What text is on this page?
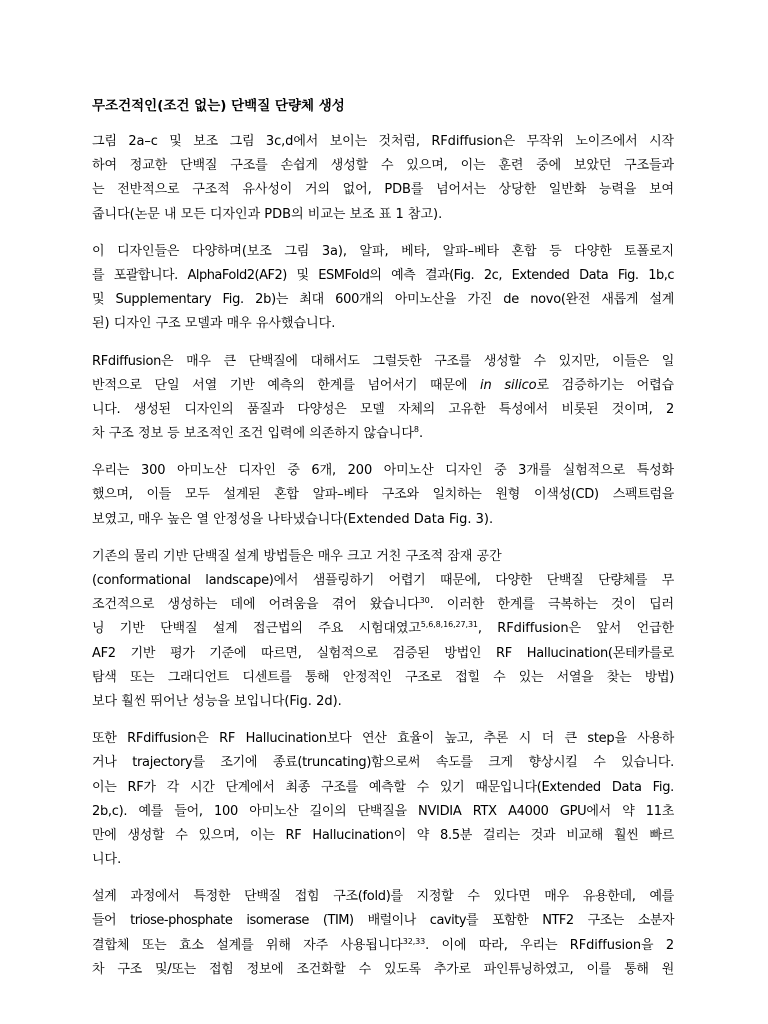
무조건적인(조건 없는) 단백질 단량체 생성
그림 2a–c 및 보조 그림 3c,d에서 보이는 것처럼, RFdiffusion은 무작위 노이즈에서 시작
하여 정교한 단백질 구조를 손쉽게 생성할 수 있으며, 이는 훈련 중에 보았던 구조들과
는 전반적으로 구조적 유사성이 거의 없어, PDB를 넘어서는 상당한 일반화 능력을 보여
줍니다(논문 내 모든 디자인과 PDB의 비교는 보조 표 1 참고).
이 디자인들은 다양하며(보조 그림 3a), 알파, 베타, 알파–베타 혼합 등 다양한 토폴로지
를 포괄합니다. AlphaFold2(AF2) 및 ESMFold의 예측 결과(Fig. 2c, Extended Data Fig. 1b,c
및 Supplementary Fig. 2b)는 최대 600개의 아미노산을 가진 de novo(완전 새롭게 설계
된) 디자인 구조 모델과 매우 유사했습니다.
RFdiffusion은 매우 큰 단백질에 대해서도 그럴듯한 구조를 생성할 수 있지만, 이들은 일
반적으로 단일 서열 기반 예측의 한계를 넘어서기 때문에 in silico로 검증하기는 어렵습
니다. 생성된 디자인의 품질과 다양성은 모델 자체의 고유한 특성에서 비롯된 것이며, 2
차 구조 정보 등 보조적인 조건 입력에 의존하지 않습니다$^8$.
우리는 300 아미노산 디자인 중 6개, 200 아미노산 디자인 중 3개를 실험적으로 특성화
했으며, 이들 모두 설계된 혼합 알파–베타 구조와 일치하는 원형 이색성(CD) 스펙트럼을
보였고, 매우 높은 열 안정성을 나타냈습니다(Extended Data Fig. 3).
기존의 물리 기반 단백질 설계 방법들은 매우 크고 거친 구조적 잠재 공간
(conformational landscape)에서 샘플링하기 어렵기 때문에, 다양한 단백질 단량체를 무
조건적으로 생성하는 데에 어려움을 겪어 왔습니다$^{30}$. 이러한 한계를 극복하는 것이 딥러
닝 기반 단백질 설계 접근법의 주요 시험대였고$^{5,6,8,16,27,31}$, RFdiffusion은 앞서 언급한
AF2 기반 평가 기준에 따르면, 실험적으로 검증된 방법인 RF Hallucination(몬테카를로
탐색 또는 그래디언트 디센트를 통해 안정적인 구조로 접힐 수 있는 서열을 찾는 방법)
보다 훨씬 뛰어난 성능을 보입니다(Fig. 2d).
또한 RFdiffusion은 RF Hallucination보다 연산 효율이 높고, 추론 시 더 큰 step을 사용하
거나 trajectory를 조기에 종료(truncating)함으로써 속도를 크게 향상시킬 수 있습니다.
이는 RF가 각 시간 단계에서 최종 구조를 예측할 수 있기 때문입니다(Extended Data Fig.
2b,c). 예를 들어, 100 아미노산 길이의 단백질을 NVIDIA RTX A4000 GPU에서 약 11초
만에 생성할 수 있으며, 이는 RF Hallucination이 약 8.5분 걸리는 것과 비교해 훨씬 빠르
니다.
설계 과정에서 특정한 단백질 접힘 구조(fold)를 지정할 수 있다면 매우 유용한데, 예를
들어 triose-phosphate isomerase (TIM) 배럴이나 cavity를 포함한 NTF2 구조는 소분자
결합체 또는 효소 설계를 위해 자주 사용됩니다$^{32,33}$. 이에 따라, 우리는 RFdiffusion을 2
차 구조 및/또는 접힘 정보에 조건화할 수 있도록 추가로 파인튜닝하였고, 이를 통해 원
